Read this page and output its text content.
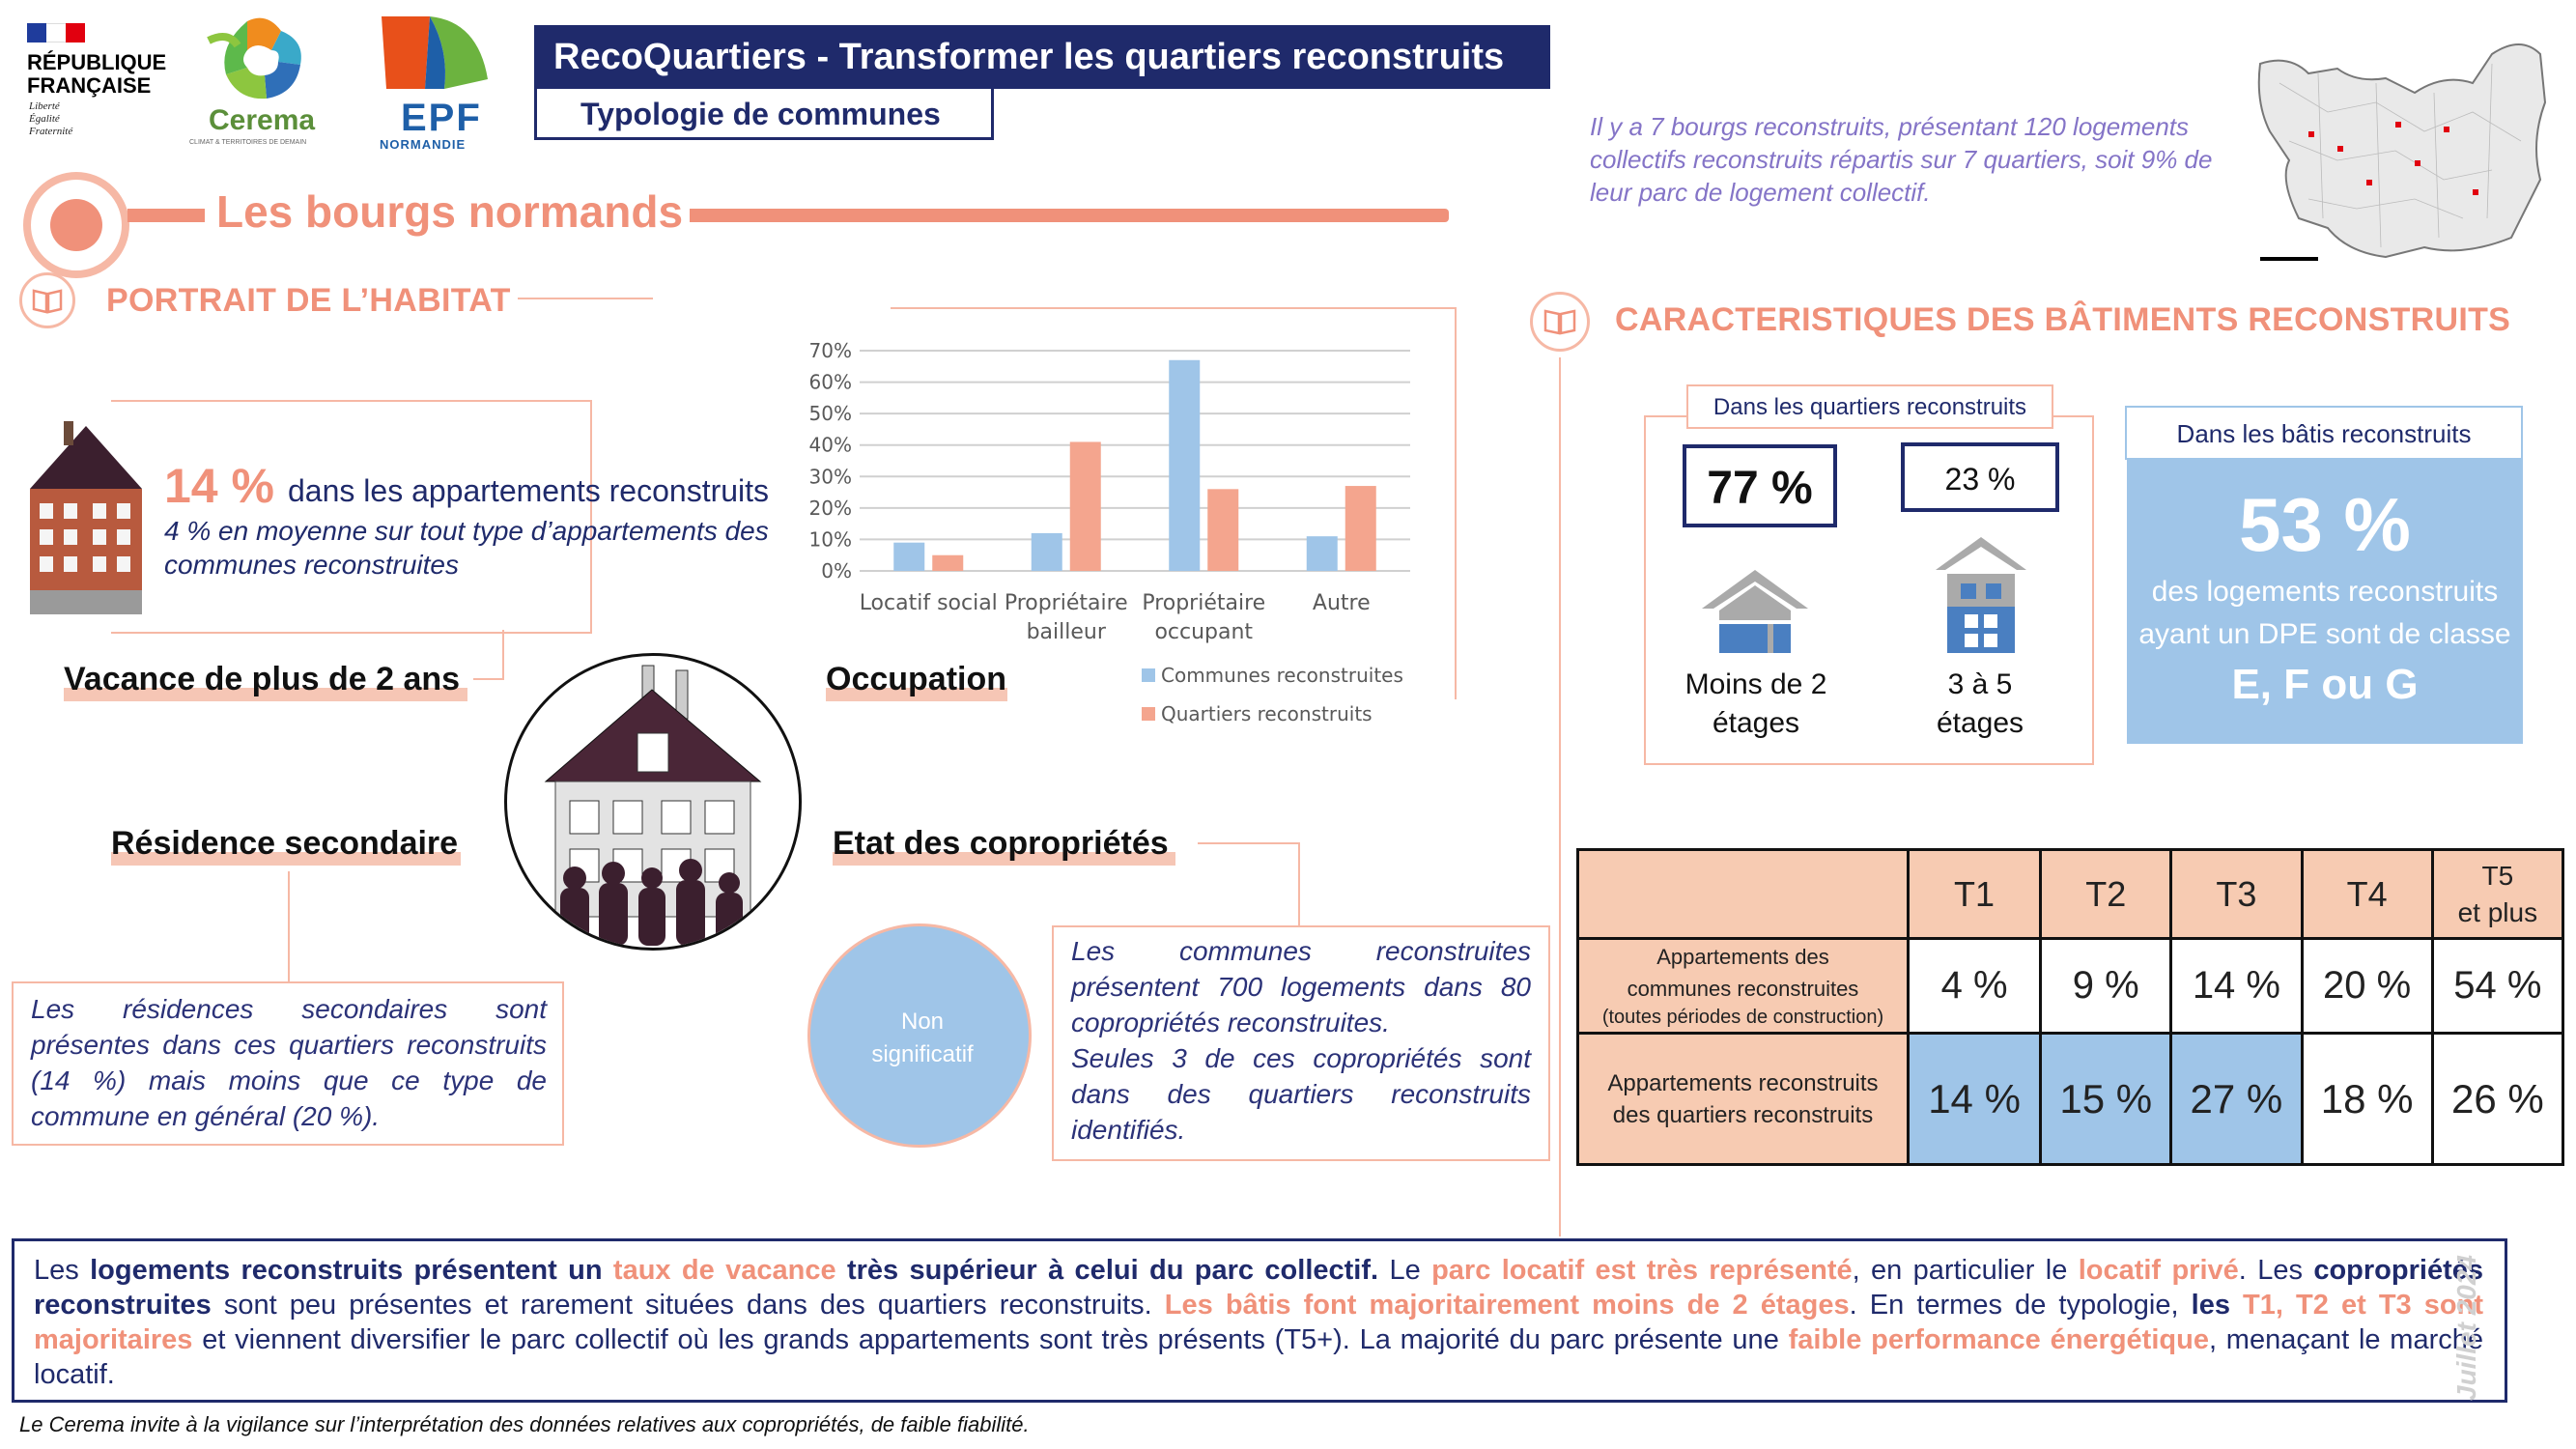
RÉPUBLIQUE
FRANÇAISE
Liberté
Égalité
Fraternité	Cerema
CLIMAT & TERRITOIRES DE DEMAIN
EPF
NORMANDIE
RecoQuartiers - Transformer les quartiers reconstruits
Typologie de communes
Les bourgs normands
Il y a 7 bourgs reconstruits, présentant 120 logements collectifs reconstruits répartis sur 7 quartiers, soit 9% de leur parc de logement collectif.
PORTRAIT DE L’HABITAT
14 % dans les appartements reconstruits
4 % en moyenne sur tout type d’appartements des communes reconstruites
Vacance de plus de 2 ans
0%
10%
20%
30%
40%
50%
60%
70%
Locatif social Propriétaire
bailleur
Propriétaire
occupant
Autre
Communes reconstruites
Quartiers reconstruits
Occupation
Résidence secondaire
Les résidences secondaires sont présentes dans ces quartiers reconstruits (14 %) mais moins que ce type de commune en général (20 %).
Etat des copropriétés
Non significatif
Les communes reconstruites présentent 700 logements dans 80 copropriétés reconstruites.
Seules 3 de ces copropriétés sont dans des quartiers reconstruits identifiés.
CARACTERISTIQUES DES BÂTIMENTS RECONSTRUITS
Dans les quartiers reconstruits
77 %	23 %
Moins de 2
étages
3 à 5
étages
Dans les bâtis reconstruits
53 %
des logements reconstruits
ayant un DPE sont de classe
E, F ou G
	T1	T2	T3	T4	T5
et plus

Appartements des
communes reconstruites
(toutes périodes de construction)	4 %	9 %	14 %	20 %	54 %

Appartements reconstruits
des quartiers reconstruits	14 %	15 %	27 %	18 %	26 %
Les logements reconstruits présentent un taux de vacance très supérieur à celui du parc collectif. Le parc locatif est très représenté, en particulier le locatif privé. Les copropriétés reconstruites sont peu présentes et rarement situées dans des quartiers reconstruits. Les bâtis font majoritairement moins de 2 étages. En termes de typologie, les T1, T2 et T3 sont majoritaires et viennent diversifier le parc collectif où les grands appartements sont très présents (T5+). La majorité du parc présente une faible performance énergétique, menaçant le marché locatif.	Juillet 2024
Le Cerema invite à la vigilance sur l’interprétation des données relatives aux copropriétés, de faible fiabilité.
